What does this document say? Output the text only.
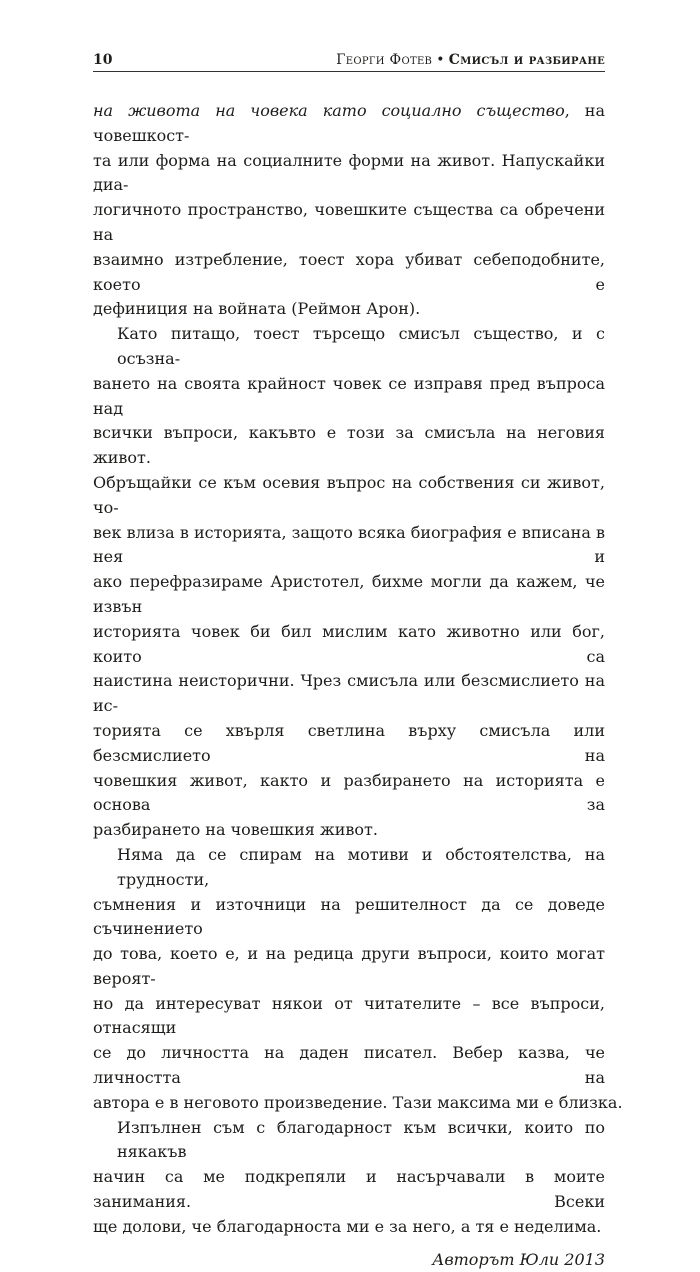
10	Георги Фотев • Смисъл и разбиране
на живота на човека като социално същество, на човешкост-
та или форма на социалните форми на живот. Напускайки диа-
логичното пространство, човешките същества са обречени на
взаимно изтребление, тоест хора убиват себеподобните, което е
дефиниция на войната (Реймон Арон).
Като питащо, тоест търсещо смисъл същество, и с осъзна-
ването на своята крайност човек се изправя пред въпроса над
всички въпроси, какъвто е този за смисъла на неговия живот.
Обръщайки се към осевия въпрос на собствения си живот, чо-
век влиза в историята, защото всяка биография е вписана в нея и
ако перефразираме Аристотел, бихме могли да кажем, че извън
историята човек би бил мислим като животно или бог, които са
наистина неисторични. Чрез смисъла или безсмислието на ис-
торията се хвърля светлина върху смисъла или безсмислието на
човешкия живот, както и разбирането на историята е основа за
разбирането на човешкия живот.
Няма да се спирам на мотиви и обстоятелства, на трудности,
съмнения и източници на решителност да се доведе съчинението
до това, което е, и на редица други въпроси, които могат вероят-
но да интересуват някои от читателите – все въпроси, отнасящи
се до личността на даден писател. Вебер казва, че личността на
автора е в неговото произведение. Тази максима ми е близка.
Изпълнен съм с благодарност към всички, които по някакъв
начин са ме подкрепяли и насърчавали в моите занимания. Всеки
ще долови, че благодарноста ми е за него, а тя е неделима.
Авторът Юли 2013
